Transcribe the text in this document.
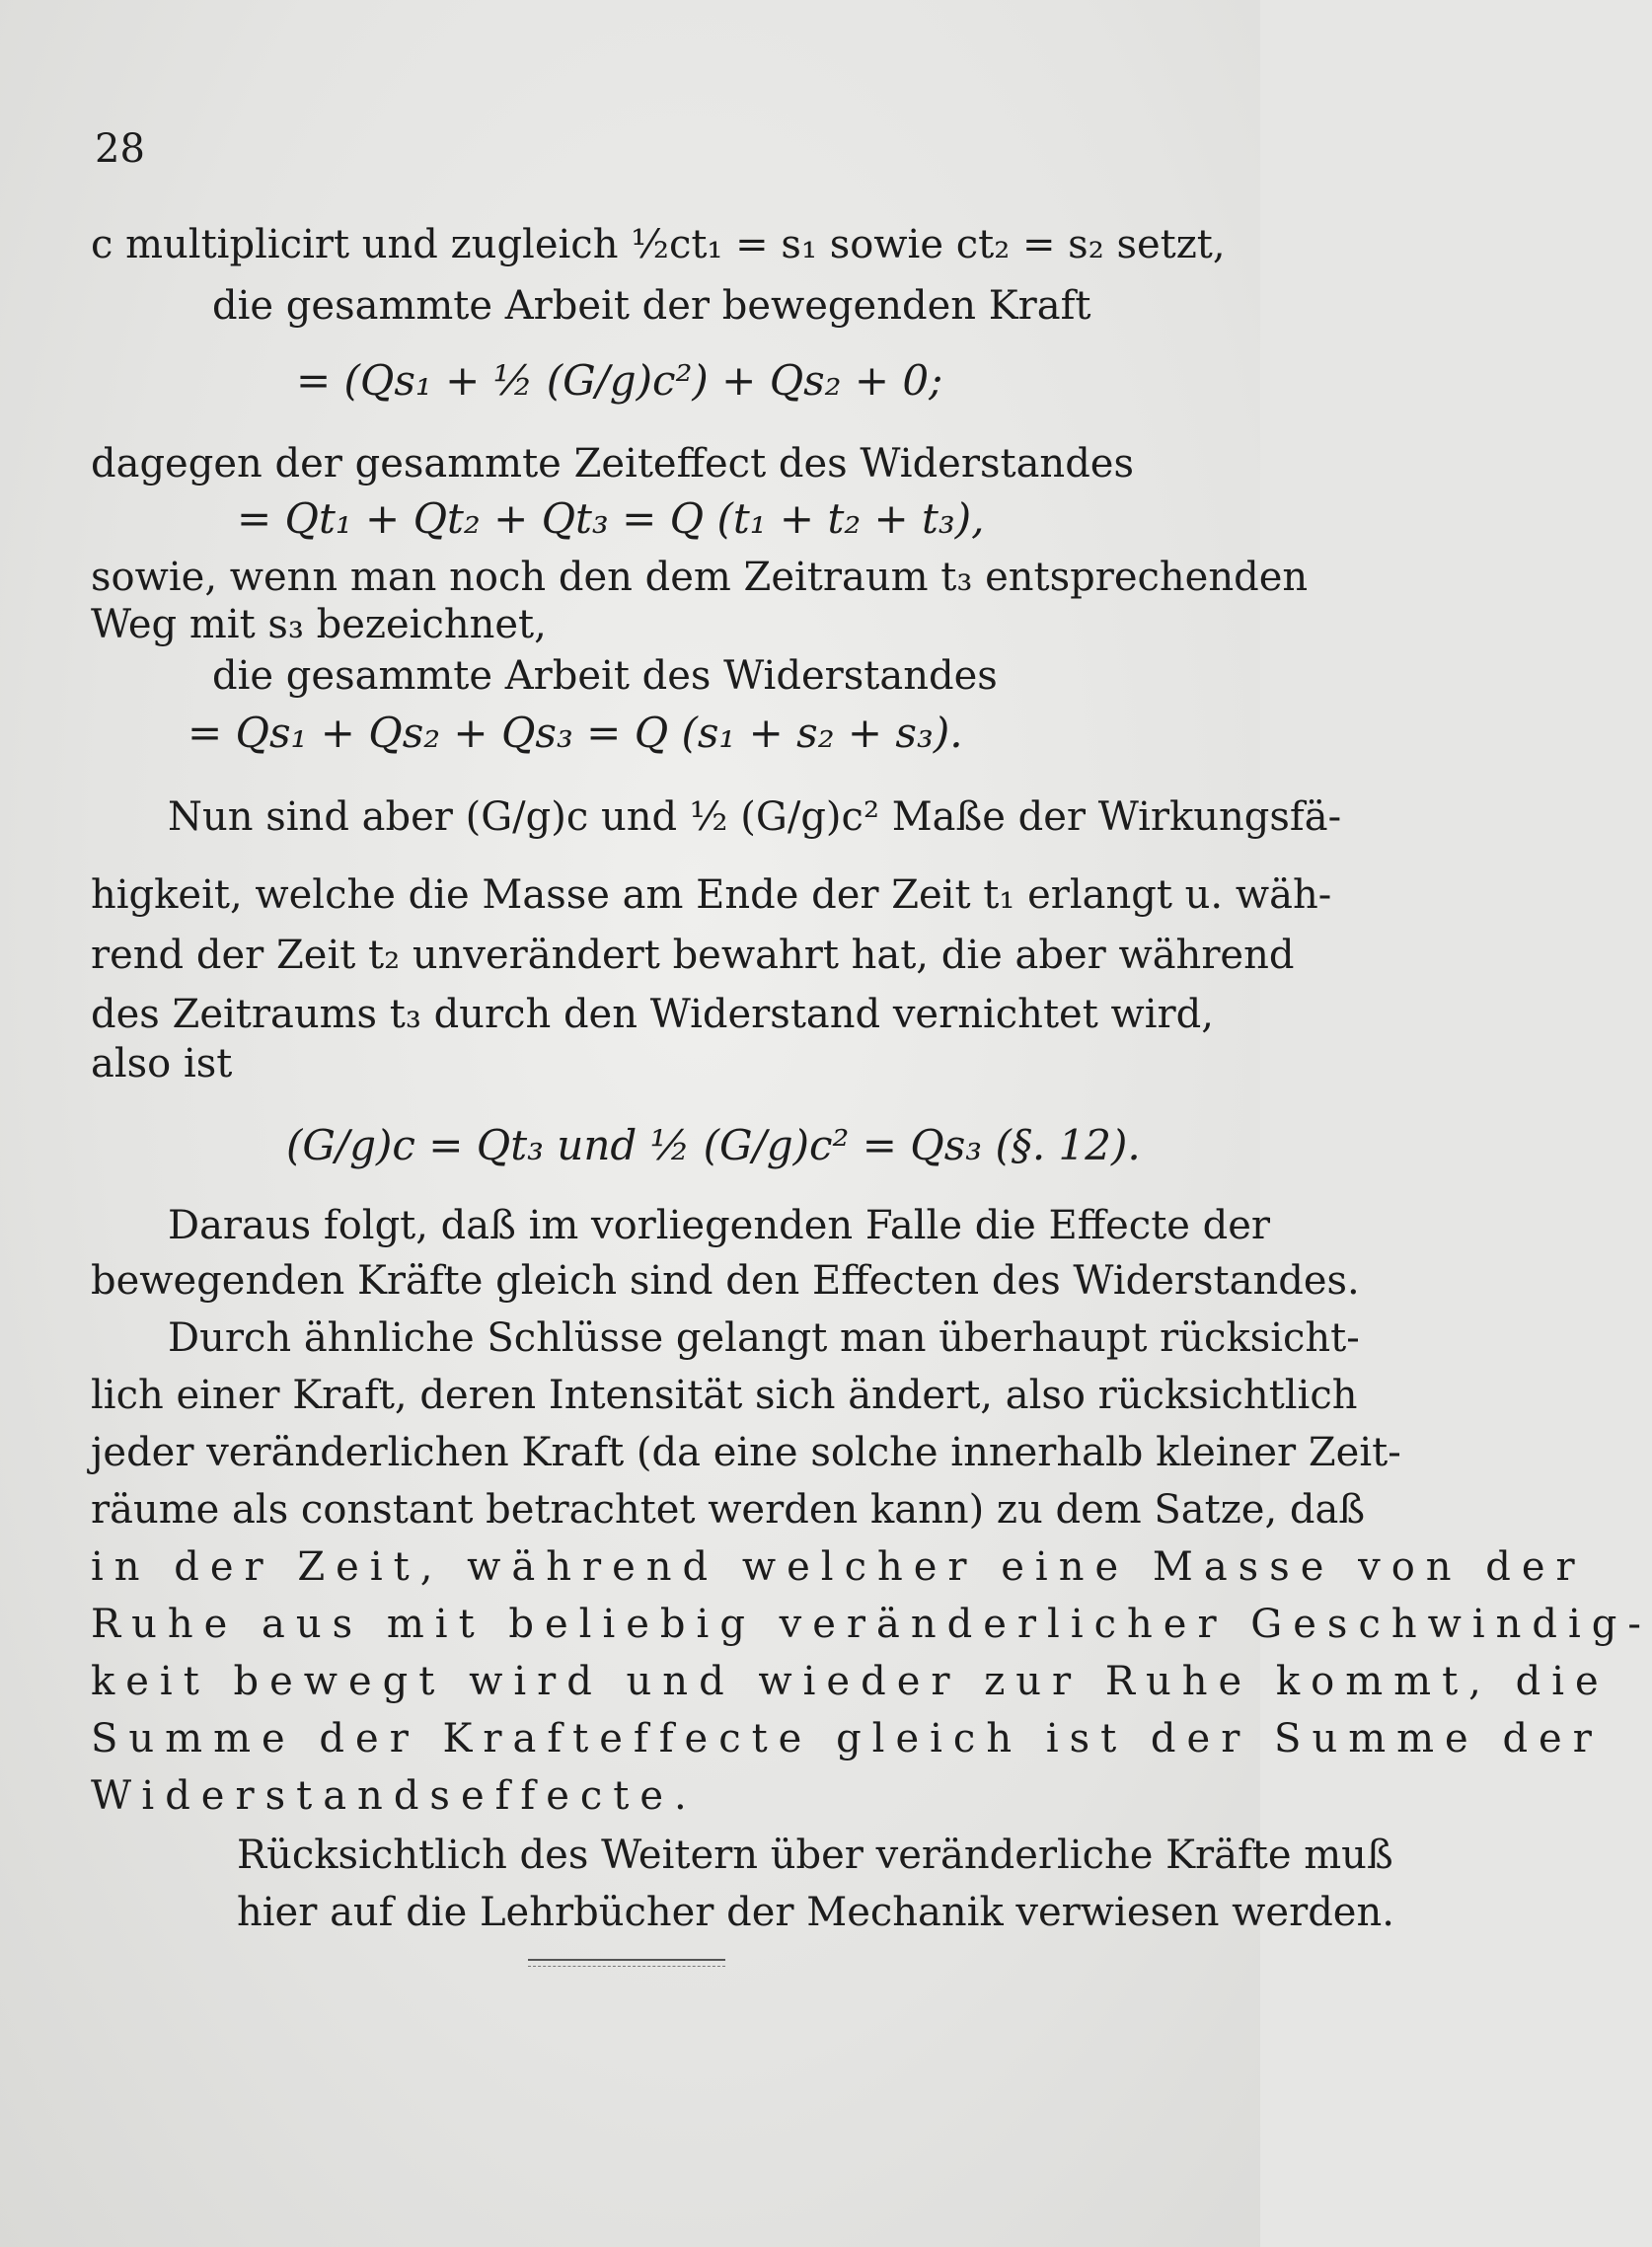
28
c multiplicirt und zugleich ½ct₁ = s₁ sowie ct₂ = s₂ setzt,
die gesammte Arbeit der bewegenden Kraft
= (Qs₁ + ½ (G/g)c²) + Qs₂ + 0;
dagegen der gesammte Zeiteffect des Widerstandes
= Qt₁ + Qt₂ + Qt₃ = Q (t₁ + t₂ + t₃),
sowie, wenn man noch den dem Zeitraum t₃ entsprechenden
Weg mit s₃ bezeichnet,
die gesammte Arbeit des Widerstandes
= Qs₁ + Qs₂ + Qs₃ = Q (s₁ + s₂ + s₃).
Nun sind aber (G/g)c und ½ (G/g)c² Maße der Wirkungsfä-
higkeit, welche die Masse am Ende der Zeit t₁ erlangt u. wäh-
rend der Zeit t₂ unverändert bewahrt hat, die aber während
des Zeitraums t₃ durch den Widerstand vernichtet wird,
also ist
(G/g)c = Qt₃ und ½ (G/g)c² = Qs₃ (§. 12).
Daraus folgt, daß im vorliegenden Falle die Effecte der
bewegenden Kräfte gleich sind den Effecten des Widerstandes.
Durch ähnliche Schlüsse gelangt man überhaupt rücksicht-
lich einer Kraft, deren Intensität sich ändert, also rücksichtlich
jeder veränderlichen Kraft (da eine solche innerhalb kleiner Zeit-
räume als constant betrachtet werden kann) zu dem Satze, daß
in der Zeit, während welcher eine Masse von der
Ruhe aus mit beliebig veränderlicher Geschwindig-
keit bewegt wird und wieder zur Ruhe kommt, die
Summe der Krafteffecte gleich ist der Summe der
Widerstandseffecte.
Rücksichtlich des Weitern über veränderliche Kräfte muß
hier auf die Lehrbücher der Mechanik verwiesen werden.
